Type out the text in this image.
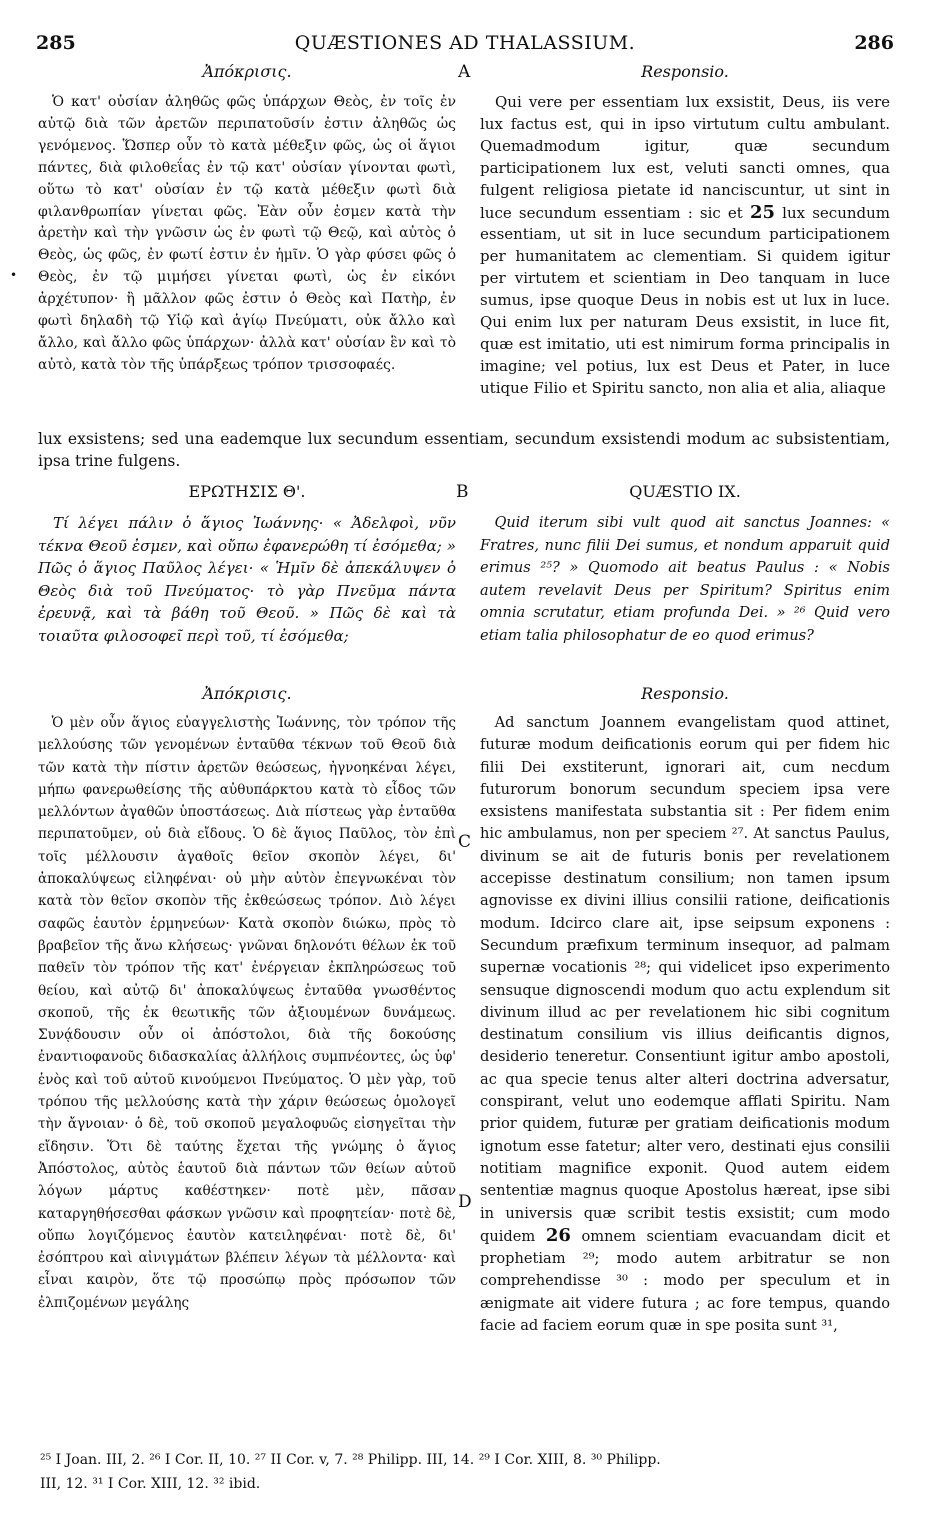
285	QUÆSTIONES AD THALASSIUM.	286
•
Ἀπόκρισις.	A	Responsio.

Ὁ κατ' οὐσίαν ἀληθῶς φῶς ὑπάρχων Θεὸς, ἐν τοῖς ἐν αὐτῷ διὰ τῶν ἀρετῶν περιπατοῦσίν ἐστιν ἀληθῶς ὡς γενόμενος. Ὥσπερ οὖν τὸ κατὰ μέθεξιν φῶς, ὡς οἱ ἅγιοι πάντες, διὰ φιλοθεΐας ἐν τῷ κατ' οὐσίαν γίνονται φωτὶ, οὕτω τὸ κατ' οὐσίαν ἐν τῷ κατὰ μέθεξιν φωτὶ διὰ φιλανθρωπίαν γίνεται φῶς. Ἐὰν οὖν ἐσμεν κατὰ τὴν ἀρετὴν καὶ τὴν γνῶσιν ὡς ἐν φωτὶ τῷ Θεῷ, καὶ αὐτὸς ὁ Θεὸς, ὡς φῶς, ἐν φωτί ἐστιν ἐν ἡμῖν. Ὁ γὰρ φύσει φῶς ὁ Θεὸς, ἐν τῷ μιμήσει γίνεται φωτὶ, ὡς ἐν εἰκόνι ἀρχέτυπον· ἢ μᾶλλον φῶς ἐστιν ὁ Θεὸς καὶ Πατὴρ, ἐν φωτὶ δηλαδὴ τῷ Υἱῷ καὶ ἁγίῳ Πνεύματι, οὐκ ἄλλο καὶ ἄλλο, καὶ ἄλλο φῶς ὑπάρχων· ἀλλὰ κατ' οὐσίαν ἓν καὶ τὸ αὐτὸ, κατὰ τὸν τῆς ὑπάρξεως τρόπον τρισσοφαές.

Qui vere per essentiam lux exsistit, Deus, iis vere lux factus est, qui in ipso virtutum cultu ambulant. Quemadmodum igitur, quæ secundum participationem lux est, veluti sancti omnes, qua fulgent religiosa pietate id nanciscuntur, ut sint in luce secundum essentiam : sic et 25 lux secundum essentiam, ut sit in luce secundum participationem per humanitatem ac clementiam. Si quidem igitur per virtutem et scientiam in Deo tanquam in luce sumus, ipse quoque Deus in nobis est ut lux in luce. Qui enim lux per naturam Deus exsistit, in luce fit, quæ est imitatio, uti est nimirum forma principalis in imagine; vel potius, lux est Deus et Pater, in luce utique Filio et Spiritu sancto, non alia et alia, aliaque

lux exsistens; sed una eademque lux secundum essentiam, secundum exsistendi modum ac subsistentiam, ipsa trine fulgens.

ΕΡΩΤΗΣΙΣ Θ'.	B	QUÆSTIO IX.

Τί λέγει πάλιν ὁ ἅγιος Ἰωάννης· « Ἀδελφοὶ, νῦν τέκνα Θεοῦ ἐσμεν, καὶ οὔπω ἐφανερώθη τί ἐσόμεθα; » Πῶς ὁ ἅγιος Παῦλος λέγει· « Ἡμῖν δὲ ἀπεκάλυψεν ὁ Θεὸς διὰ τοῦ Πνεύματος· τὸ γὰρ Πνεῦμα πάντα ἐρευνᾷ, καὶ τὰ βάθη τοῦ Θεοῦ. » Πῶς δὲ καὶ τὰ τοιαῦτα φιλοσοφεῖ περὶ τοῦ, τί ἐσόμεθα;

Quid iterum sibi vult quod ait sanctus Joannes: « Fratres, nunc filii Dei sumus, et nondum apparuit quid erimus ²⁵? » Quomodo ait beatus Paulus : « Nobis autem revelavit Deus per Spiritum? Spiritus enim omnia scrutatur, etiam profunda Dei. » ²⁶ Quid vero etiam talia philosophatur de eo quod erimus?

Ἀπόκρισις.	Responsio.
C
D

Ὁ μὲν οὖν ἅγιος εὐαγγελιστὴς Ἰωάννης, τὸν τρόπον τῆς μελλούσης τῶν γενομένων ἐνταῦθα τέκνων τοῦ Θεοῦ διὰ τῶν κατὰ τὴν πίστιν ἀρετῶν θεώσεως, ἠγνοηκέναι λέγει, μήπω φανερωθείσης τῆς αὐθυπάρκτου κατὰ τὸ εἶδος τῶν μελλόντων ἀγαθῶν ὑποστάσεως. Διὰ πίστεως γὰρ ἐνταῦθα περιπατοῦμεν, οὐ διὰ εἴδους. Ὁ δὲ ἅγιος Παῦλος, τὸν ἐπὶ τοῖς μέλλουσιν ἀγαθοῖς θεῖον σκοπὸν λέγει, δι' ἀποκαλύψεως εἰληφέναι· οὐ μὴν αὐτὸν ἐπεγνωκέναι τὸν κατὰ τὸν θεῖον σκοπὸν τῆς ἐκθεώσεως τρόπον. Διὸ λέγει σαφῶς ἑαυτὸν ἑρμηνεύων· Κατὰ σκοπὸν διώκω, πρὸς τὸ βραβεῖον τῆς ἄνω κλήσεως· γνῶναι δηλονότι θέλων ἐκ τοῦ παθεῖν τὸν τρόπον τῆς κατ' ἐνέργειαν ἐκπληρώσεως τοῦ θείου, καὶ αὐτῷ δι' ἀποκαλύψεως ἐνταῦθα γνωσθέντος σκοποῦ, τῆς ἐκ θεωτικῆς τῶν ἀξιουμένων δυνάμεως. Συνᾴδουσιν οὖν οἱ ἀπόστολοι, διὰ τῆς δοκούσης ἐναντιοφανοῦς διδασκαλίας ἀλλήλοις συμπνέοντες, ὡς ὑφ' ἑνὸς καὶ τοῦ αὐτοῦ κινούμενοι Πνεύματος. Ὁ μὲν γὰρ, τοῦ τρόπου τῆς μελλούσης κατὰ τὴν χάριν θεώσεως ὁμολογεῖ τὴν ἄγνοιαν· ὁ δὲ, τοῦ σκοποῦ μεγαλοφυῶς εἰσηγεῖται τὴν εἴδησιν. Ὅτι δὲ ταύτης ἔχεται τῆς γνώμης ὁ ἅγιος Ἀπόστολος, αὐτὸς ἑαυτοῦ διὰ πάντων τῶν θείων αὐτοῦ λόγων μάρτυς καθέστηκεν· ποτὲ μὲν, πᾶσαν καταργηθήσεσθαι φάσκων γνῶσιν καὶ προφητείαν· ποτὲ δὲ, οὔπω λογιζόμενος ἑαυτὸν κατειληφέναι· ποτὲ δὲ, δι' ἐσόπτρου καὶ αἰνιγμάτων βλέπειν λέγων τὰ μέλλοντα· καὶ εἶναι καιρὸν, ὅτε τῷ προσώπῳ πρὸς πρόσωπον τῶν ἐλπιζομένων μεγάλης

Ad sanctum Joannem evangelistam quod attinet, futuræ modum deificationis eorum qui per fidem hic filii Dei exstiterunt, ignorari ait, cum necdum futurorum bonorum secundum speciem ipsa vere exsistens manifestata substantia sit : Per fidem enim hic ambulamus, non per speciem ²⁷. At sanctus Paulus, divinum se ait de futuris bonis per revelationem accepisse destinatum consilium; non tamen ipsum agnovisse ex divini illius consilii ratione, deificationis modum. Idcirco clare ait, ipse seipsum exponens : Secundum præfixum terminum insequor, ad palmam supernæ vocationis ²⁸; qui videlicet ipso experimento sensuque dignoscendi modum quo actu explendum sit divinum illud ac per revelationem hic sibi cognitum destinatum consilium vis illius deificantis dignos, desiderio teneretur. Consentiunt igitur ambo apostoli, ac qua specie tenus alter alteri doctrina adversatur, conspirant, velut uno eodemque afflati Spiritu. Nam prior quidem, futuræ per gratiam deificationis modum ignotum esse fatetur; alter vero, destinati ejus consilii notitiam magnifice exponit. Quod autem eidem sententiæ magnus quoque Apostolus hæreat, ipse sibi in universis quæ scribit testis exsistit; cum modo quidem 26 omnem scientiam evacuandam dicit et prophetiam ²⁹; modo autem arbitratur se non comprehendisse ³⁰ : modo per speculum et in ænigmate ait videre futura ; ac fore tempus, quando facie ad faciem eorum quæ in spe posita sunt ³¹,

²⁵ I Joan. III, 2. ²⁶ I Cor. II, 10. ²⁷ II Cor. v, 7. ²⁸ Philipp. III, 14. ²⁹ I Cor. XIII, 8. ³⁰ Philipp.

III, 12. ³¹ I Cor. XIII, 12. ³² ibid.
